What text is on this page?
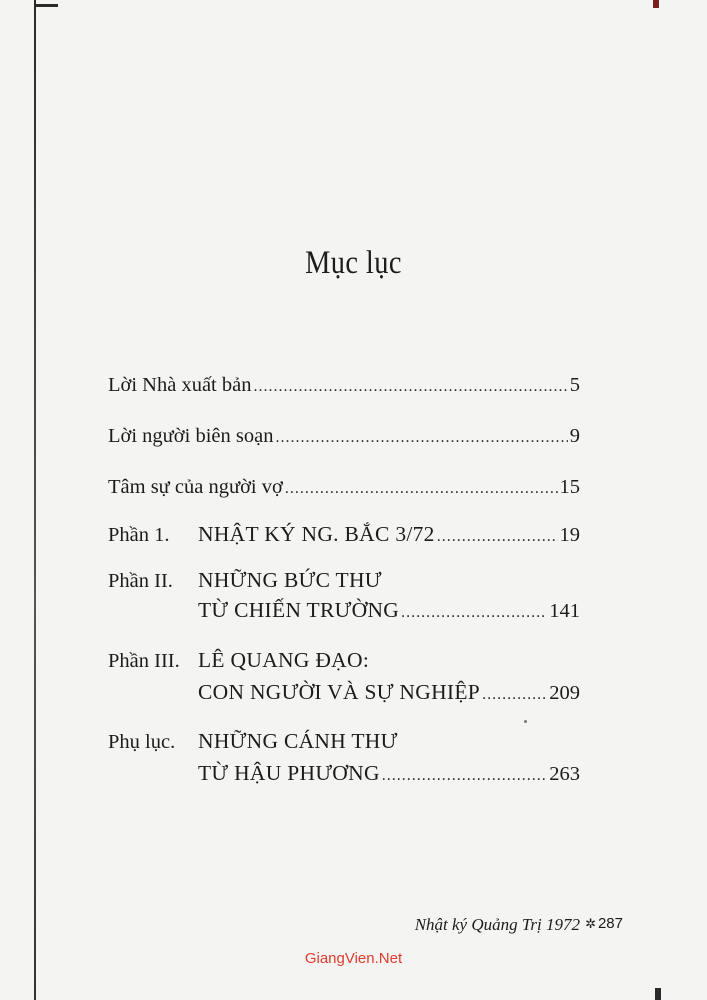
Mục lục
Lời Nhà xuất bản .....	5
Lời người biên soạn .....	9
Tâm sự của người vợ .....	15
Phần 1.	NHẬT KÝ NG. BẮC 3/72 .....	19
Phần II.	NHỮNG BỨC THƯ
TỪ CHIẾN TRƯỜNG .....	141
Phần III. LÊ QUANG ĐẠO:
CON NGƯỜI VÀ SỰ NGHIỆP .....	209
Phụ lục.	NHỮNG CÁNH THƯ
TỪ HẬU PHƯƠNG .....	263
Nhật ký Quảng Trị 1972 ✲ 287
GiangVien.Net
